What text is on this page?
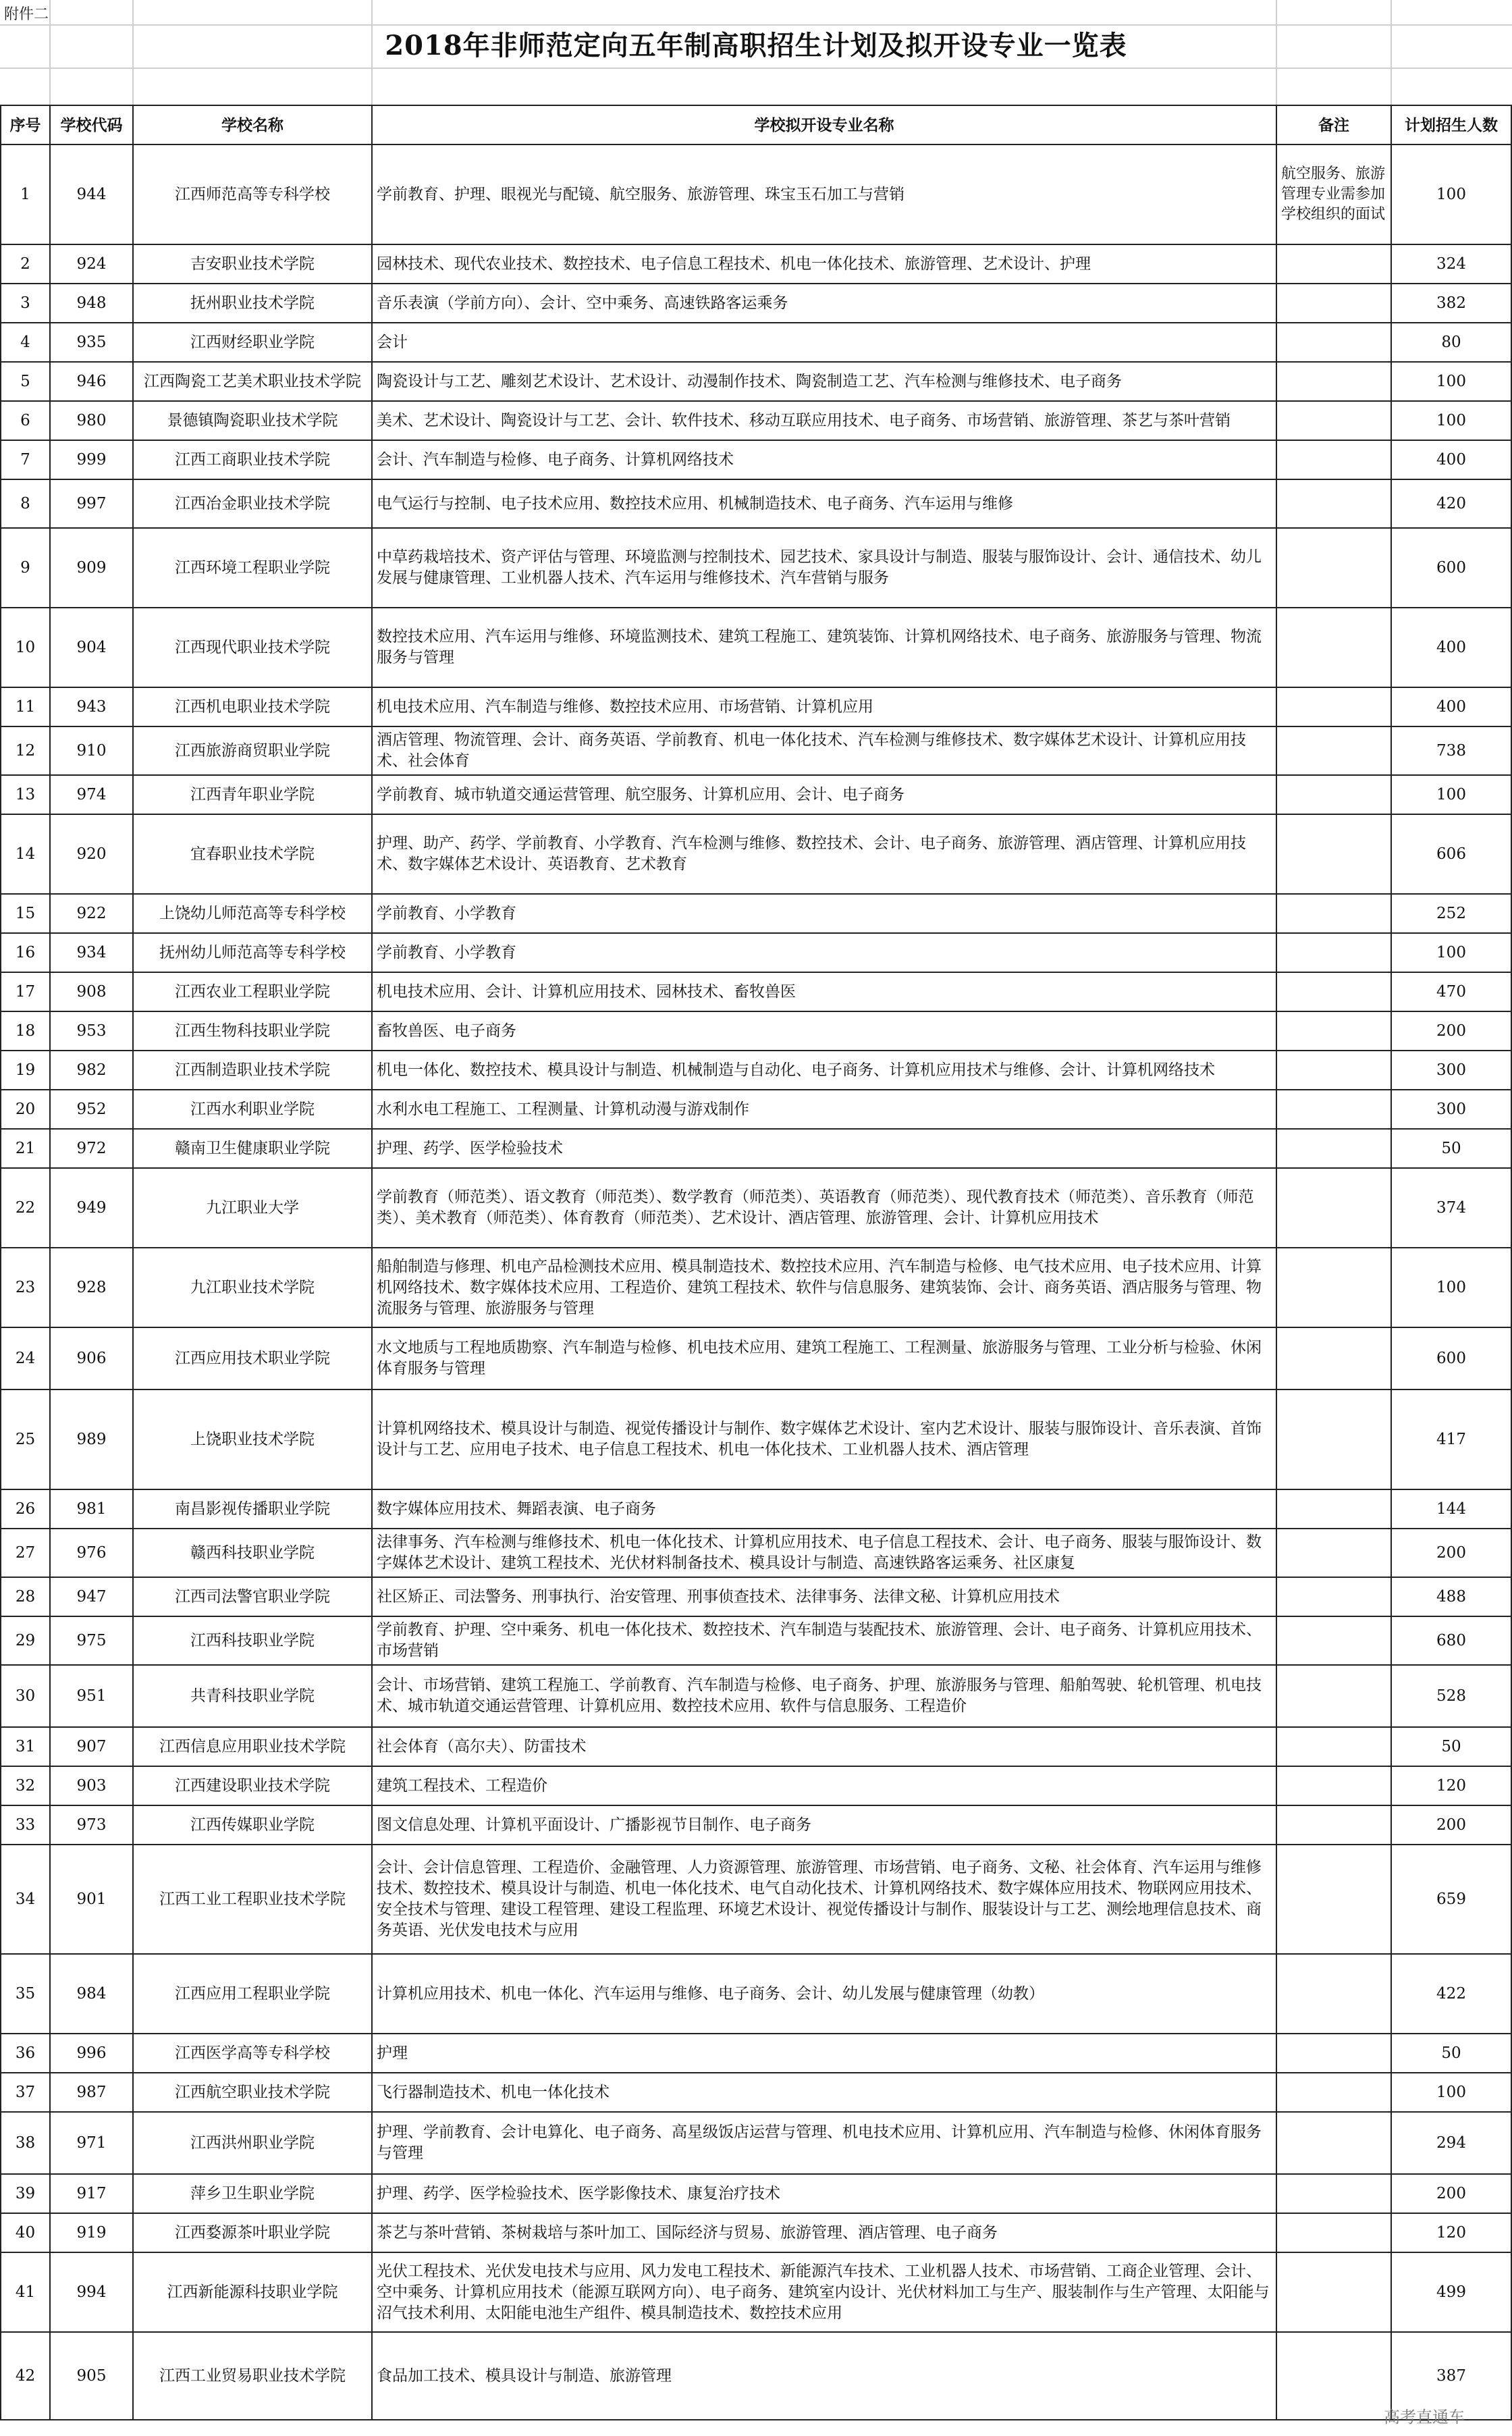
附件二
2018年非师范定向五年制高职招生计划及拟开设专业一览表
序号	学校代码	学校名称	学校拟开设专业名称	备注	计划招生人数
1	944	江西师范高等专科学校	学前教育、护理、眼视光与配镜、航空服务、旅游管理、珠宝玉石加工与营销	航空服务、旅游管理专业需参加学校组织的面试	100
2	924	吉安职业技术学院	园林技术、现代农业技术、数控技术、电子信息工程技术、机电一体化技术、旅游管理、艺术设计、护理		324
3	948	抚州职业技术学院	音乐表演（学前方向）、会计、空中乘务、高速铁路客运乘务		382
4	935	江西财经职业学院	会计		80
5	946	江西陶瓷工艺美术职业技术学院	陶瓷设计与工艺、雕刻艺术设计、艺术设计、动漫制作技术、陶瓷制造工艺、汽车检测与维修技术、电子商务		100
6	980	景德镇陶瓷职业技术学院	美术、艺术设计、陶瓷设计与工艺、会计、软件技术、移动互联应用技术、电子商务、市场营销、旅游管理、茶艺与茶叶营销		100
7	999	江西工商职业技术学院	会计、汽车制造与检修、电子商务、计算机网络技术		400
8	997	江西冶金职业技术学院	电气运行与控制、电子技术应用、数控技术应用、机械制造技术、电子商务、汽车运用与维修		420
9	909	江西环境工程职业学院	中草药栽培技术、资产评估与管理、环境监测与控制技术、园艺技术、家具设计与制造、服装与服饰设计、会计、通信技术、幼儿发展与健康管理、工业机器人技术、汽车运用与维修技术、汽车营销与服务		600
10	904	江西现代职业技术学院	数控技术应用、汽车运用与维修、环境监测技术、建筑工程施工、建筑装饰、计算机网络技术、电子商务、旅游服务与管理、物流服务与管理		400
11	943	江西机电职业技术学院	机电技术应用、汽车制造与维修、数控技术应用、市场营销、计算机应用		400
12	910	江西旅游商贸职业学院	酒店管理、物流管理、会计、商务英语、学前教育、机电一体化技术、汽车检测与维修技术、数字媒体艺术设计、计算机应用技术、社会体育		738
13	974	江西青年职业学院	学前教育、城市轨道交通运营管理、航空服务、计算机应用、会计、电子商务		100
14	920	宜春职业技术学院	护理、助产、药学、学前教育、小学教育、汽车检测与维修、数控技术、会计、电子商务、旅游管理、酒店管理、计算机应用技术、数字媒体艺术设计、英语教育、艺术教育		606
15	922	上饶幼儿师范高等专科学校	学前教育、小学教育		252
16	934	抚州幼儿师范高等专科学校	学前教育、小学教育		100
17	908	江西农业工程职业学院	机电技术应用、会计、计算机应用技术、园林技术、畜牧兽医		470
18	953	江西生物科技职业学院	畜牧兽医、电子商务		200
19	982	江西制造职业技术学院	机电一体化、数控技术、模具设计与制造、机械制造与自动化、电子商务、计算机应用技术与维修、会计、计算机网络技术		300
20	952	江西水利职业学院	水利水电工程施工、工程测量、计算机动漫与游戏制作		300
21	972	赣南卫生健康职业学院	护理、药学、医学检验技术		50
22	949	九江职业大学	学前教育（师范类）、语文教育（师范类）、数学教育（师范类）、英语教育（师范类）、现代教育技术（师范类）、音乐教育（师范类）、美术教育（师范类）、体育教育（师范类）、艺术设计、酒店管理、旅游管理、会计、计算机应用技术		374
23	928	九江职业技术学院	船舶制造与修理、机电产品检测技术应用、模具制造技术、数控技术应用、汽车制造与检修、电气技术应用、电子技术应用、计算机网络技术、数字媒体技术应用、工程造价、建筑工程技术、软件与信息服务、建筑装饰、会计、商务英语、酒店服务与管理、物流服务与管理、旅游服务与管理		100
24	906	江西应用技术职业学院	水文地质与工程地质勘察、汽车制造与检修、机电技术应用、建筑工程施工、工程测量、旅游服务与管理、工业分析与检验、休闲体育服务与管理		600
25	989	上饶职业技术学院	计算机网络技术、模具设计与制造、视觉传播设计与制作、数字媒体艺术设计、室内艺术设计、服装与服饰设计、音乐表演、首饰设计与工艺、应用电子技术、电子信息工程技术、机电一体化技术、工业机器人技术、酒店管理		417
26	981	南昌影视传播职业学院	数字媒体应用技术、舞蹈表演、电子商务		144
27	976	赣西科技职业学院	法律事务、汽车检测与维修技术、机电一体化技术、计算机应用技术、电子信息工程技术、会计、电子商务、服装与服饰设计、数字媒体艺术设计、建筑工程技术、光伏材料制备技术、模具设计与制造、高速铁路客运乘务、社区康复		200
28	947	江西司法警官职业学院	社区矫正、司法警务、刑事执行、治安管理、刑事侦查技术、法律事务、法律文秘、计算机应用技术		488
29	975	江西科技职业学院	学前教育、护理、空中乘务、机电一体化技术、数控技术、汽车制造与装配技术、旅游管理、会计、电子商务、计算机应用技术、市场营销		680
30	951	共青科技职业学院	会计、市场营销、建筑工程施工、学前教育、汽车制造与检修、电子商务、护理、旅游服务与管理、船舶驾驶、轮机管理、机电技术、城市轨道交通运营管理、计算机应用、数控技术应用、软件与信息服务、工程造价		528
31	907	江西信息应用职业技术学院	社会体育（高尔夫）、防雷技术		50
32	903	江西建设职业技术学院	建筑工程技术、工程造价		120
33	973	江西传媒职业学院	图文信息处理、计算机平面设计、广播影视节目制作、电子商务		200
34	901	江西工业工程职业技术学院	会计、会计信息管理、工程造价、金融管理、人力资源管理、旅游管理、市场营销、电子商务、文秘、社会体育、汽车运用与维修技术、数控技术、模具设计与制造、机电一体化技术、电气自动化技术、计算机网络技术、数字媒体应用技术、物联网应用技术、安全技术与管理、建设工程管理、建设工程监理、环境艺术设计、视觉传播设计与制作、服装设计与工艺、测绘地理信息技术、商务英语、光伏发电技术与应用		659
35	984	江西应用工程职业学院	计算机应用技术、机电一体化、汽车运用与维修、电子商务、会计、幼儿发展与健康管理（幼教）		422
36	996	江西医学高等专科学校	护理		50
37	987	江西航空职业技术学院	飞行器制造技术、机电一体化技术		100
38	971	江西洪州职业学院	护理、学前教育、会计电算化、电子商务、高星级饭店运营与管理、机电技术应用、计算机应用、汽车制造与检修、休闲体育服务与管理		294
39	917	萍乡卫生职业学院	护理、药学、医学检验技术、医学影像技术、康复治疗技术		200
40	919	江西婺源茶叶职业学院	茶艺与茶叶营销、茶树栽培与茶叶加工、国际经济与贸易、旅游管理、酒店管理、电子商务		120
41	994	江西新能源科技职业学院	光伏工程技术、光伏发电技术与应用、风力发电工程技术、新能源汽车技术、工业机器人技术、市场营销、工商企业管理、会计、空中乘务、计算机应用技术（能源互联网方向）、电子商务、建筑室内设计、光伏材料加工与生产、服装制作与生产管理、太阳能与沼气技术利用、太阳能电池生产组件、模具制造技术、数控技术应用		499
42	905	江西工业贸易职业技术学院	食品加工技术、模具设计与制造、旅游管理		387
高考直通车
